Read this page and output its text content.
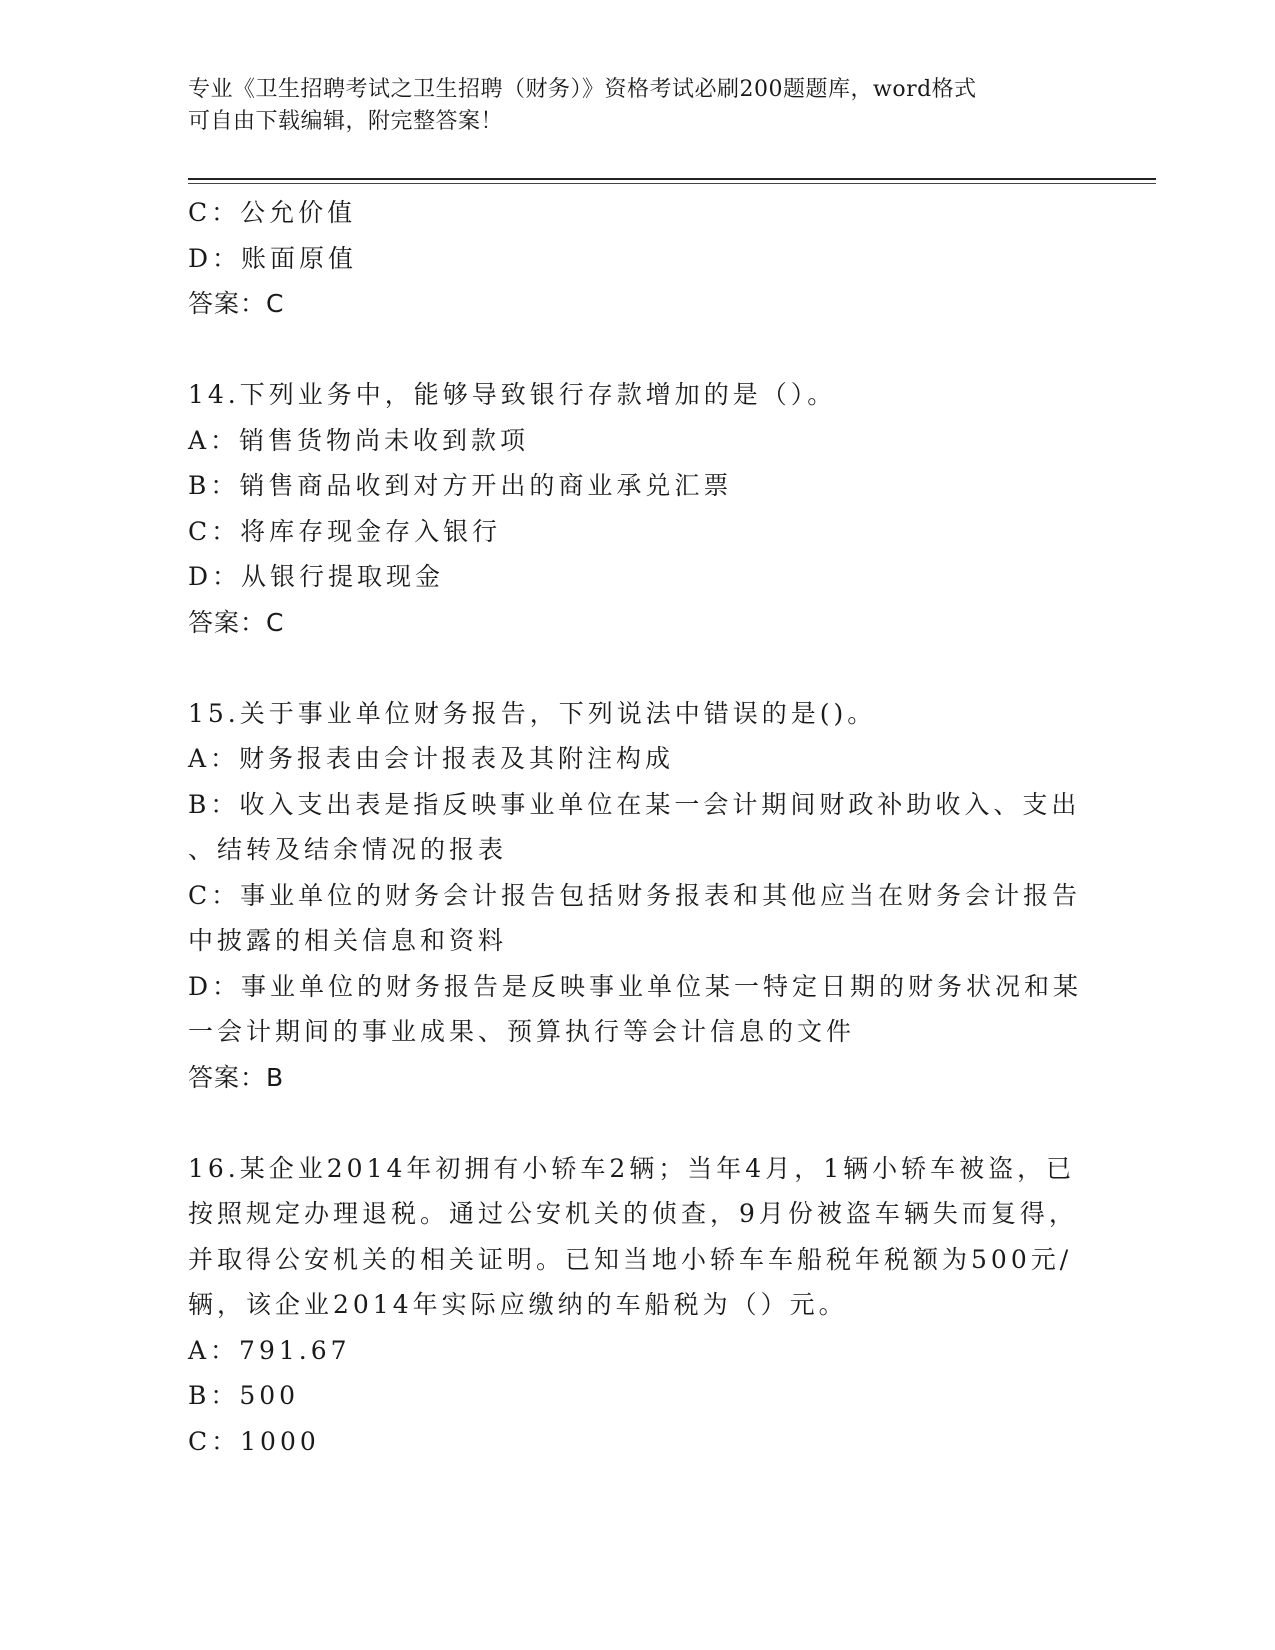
专业《卫生招聘考试之卫生招聘（财务）》资格考试必刷200题题库，word格式
可自由下载编辑，附完整答案！
C：公允价值
D：账面原值
答案：C
14.下列业务中，能够导致银行存款增加的是（）。
A：销售货物尚未收到款项
B：销售商品收到对方开出的商业承兑汇票
C：将库存现金存入银行
D：从银行提取现金
答案：C
15.关于事业单位财务报告，下列说法中错误的是()。
A：财务报表由会计报表及其附注构成
B：收入支出表是指反映事业单位在某一会计期间财政补助收入、支出
、结转及结余情况的报表
C：事业单位的财务会计报告包括财务报表和其他应当在财务会计报告
中披露的相关信息和资料
D：事业单位的财务报告是反映事业单位某一特定日期的财务状况和某
一会计期间的事业成果、预算执行等会计信息的文件
答案：B
16.某企业2014年初拥有小轿车2辆；当年4月，1辆小轿车被盗，已
按照规定办理退税。通过公安机关的侦查，9月份被盗车辆失而复得，
并取得公安机关的相关证明。已知当地小轿车车船税年税额为500元/
辆，该企业2014年实际应缴纳的车船税为（）元。
A：791.67
B：500
C：1000
